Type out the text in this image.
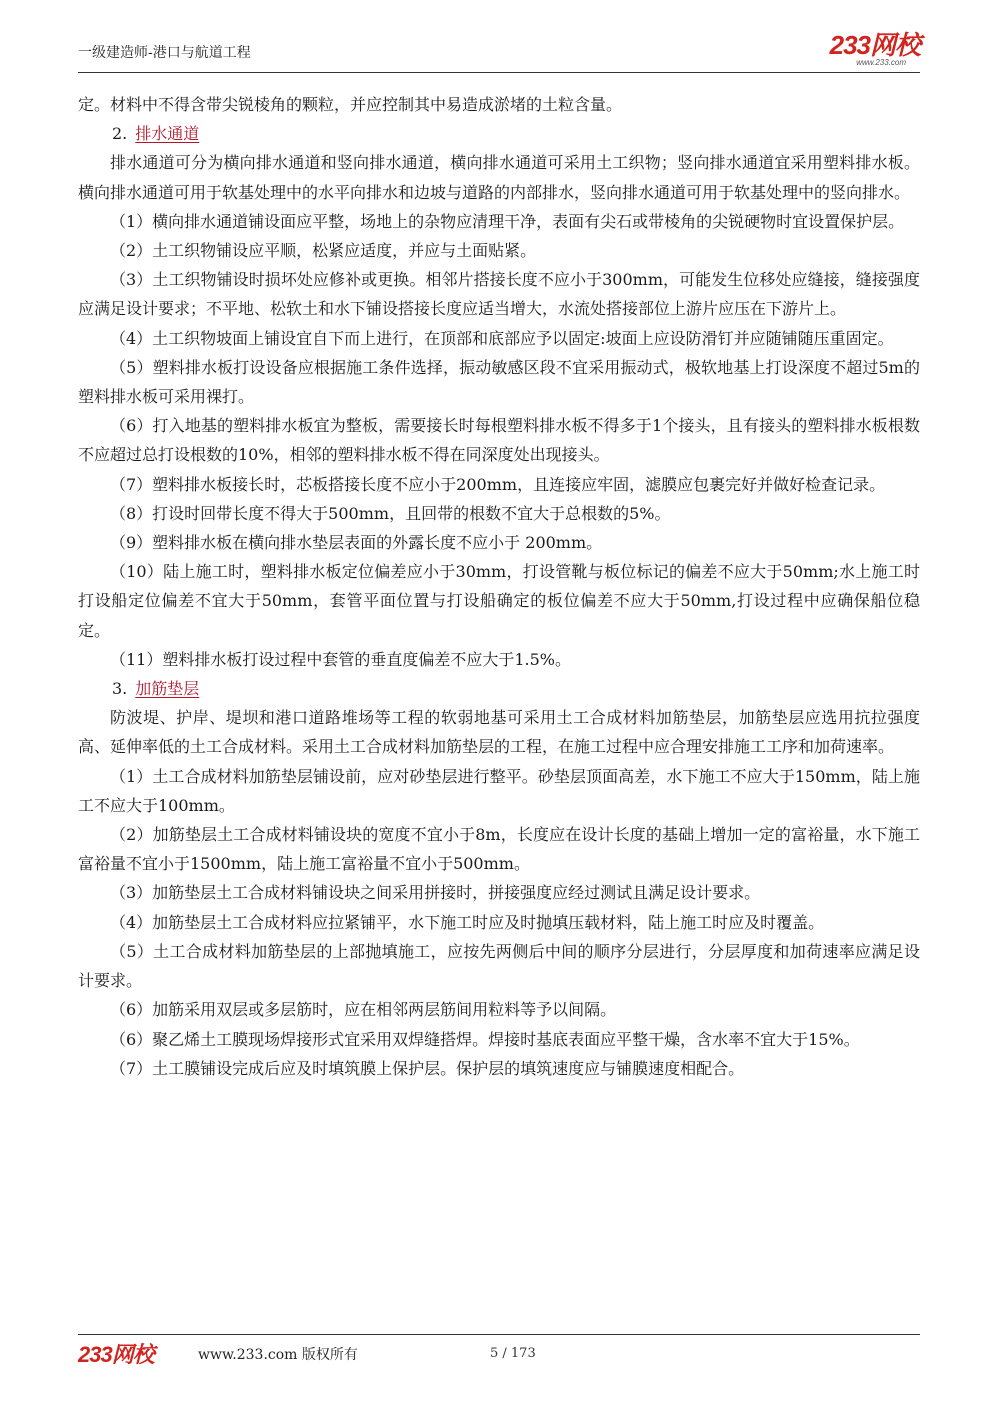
一级建造师-港口与航道工程	233网校
www.233.com

定。材料中不得含带尖锐棱角的颗粒，并应控制其中易造成淤堵的土粒含量。

2. 排水通道

排水通道可分为横向排水通道和竖向排水通道，横向排水通道可采用土工织物；竖向排水通道宜采用塑料排水板。横向排水通道可用于软基处理中的水平向排水和边坡与道路的内部排水，竖向排水通道可用于软基处理中的竖向排水。

（1）横向排水通道铺设面应平整，场地上的杂物应清理干净，表面有尖石或带棱角的尖锐硬物时宜设置保护层。

（2）土工织物铺设应平顺，松紧应适度，并应与土面贴紧。

（3）土工织物铺设时损坏处应修补或更换。相邻片搭接长度不应小于300mm，可能发生位移处应缝接，缝接强度应满足设计要求；不平地、松软土和水下铺设搭接长度应适当增大，水流处搭接部位上游片应压在下游片上。

（4）土工织物坡面上铺设宜自下而上进行，在顶部和底部应予以固定:坡面上应设防滑钉并应随铺随压重固定。

（5）塑料排水板打设设备应根据施工条件选择，振动敏感区段不宜采用振动式，极软地基上打设深度不超过5m的塑料排水板可采用裸打。

（6）打入地基的塑料排水板宜为整板，需要接长时每根塑料排水板不得多于1个接头，且有接头的塑料排水板根数不应超过总打设根数的10%，相邻的塑料排水板不得在同深度处出现接头。

（7）塑料排水板接长时，芯板搭接长度不应小于200mm，且连接应牢固，滤膜应包裹完好并做好检查记录。

（8）打设时回带长度不得大于500mm，且回带的根数不宜大于总根数的5%。

（9）塑料排水板在横向排水垫层表面的外露长度不应小于 200mm。

（10）陆上施工时，塑料排水板定位偏差应小于30mm，打设管靴与板位标记的偏差不应大于50mm;水上施工时打设船定位偏差不宜大于50mm，套管平面位置与打设船确定的板位偏差不应大于50mm,打设过程中应确保船位稳定。

（11）塑料排水板打设过程中套管的垂直度偏差不应大于1.5%。

3. 加筋垫层

防波堤、护岸、堤坝和港口道路堆场等工程的软弱地基可采用土工合成材料加筋垫层，加筋垫层应选用抗拉强度高、延伸率低的土工合成材料。采用土工合成材料加筋垫层的工程，在施工过程中应合理安排施工工序和加荷速率。

（1）土工合成材料加筋垫层铺设前，应对砂垫层进行整平。砂垫层顶面高差，水下施工不应大于150mm，陆上施工不应大于100mm。

（2）加筋垫层土工合成材料铺设块的宽度不宜小于8m，长度应在设计长度的基础上增加一定的富裕量，水下施工富裕量不宜小于1500mm，陆上施工富裕量不宜小于500mm。

（3）加筋垫层土工合成材料铺设块之间采用拼接时，拼接强度应经过测试且满足设计要求。

（4）加筋垫层土工合成材料应拉紧铺平，水下施工时应及时抛填压载材料，陆上施工时应及时覆盖。

（5）土工合成材料加筋垫层的上部抛填施工，应按先两侧后中间的顺序分层进行，分层厚度和加荷速率应满足设计要求。

（6）加筋采用双层或多层筋时，应在相邻两层筋间用粒料等予以间隔。

（6）聚乙烯土工膜现场焊接形式宜采用双焊缝搭焊。焊接时基底表面应平整干燥，含水率不宜大于15%。

（7）土工膜铺设完成后应及时填筑膜上保护层。保护层的填筑速度应与铺膜速度相配合。

233网校	www.233.com 版权所有	5 / 173
